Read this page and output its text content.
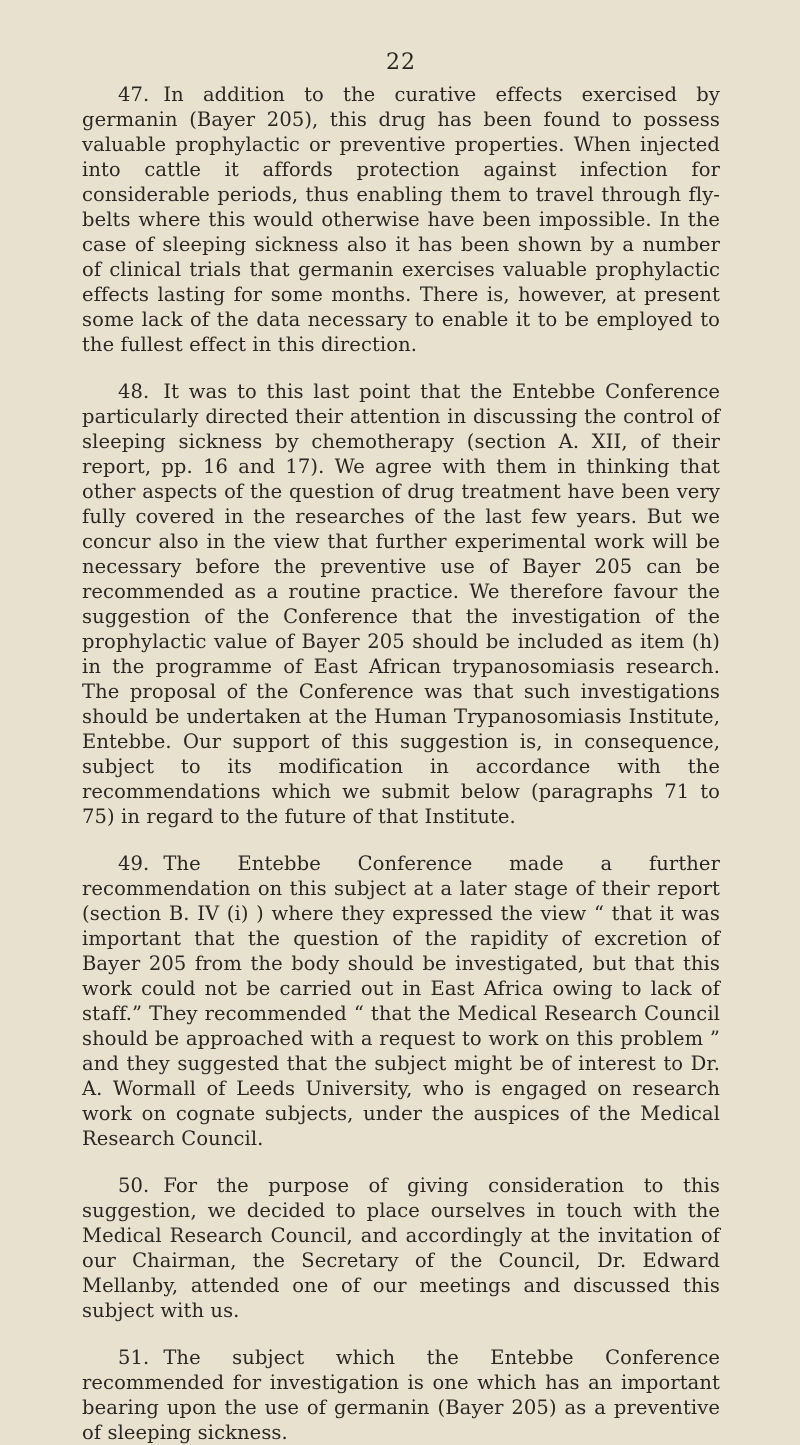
22

47. In addition to the curative effects exercised by germanin (Bayer 205), this drug has been found to possess valuable prophylactic or preventive properties. When injected into cattle it affords protection against infection for considerable periods, thus enabling them to travel through fly-belts where this would otherwise have been impossible. In the case of sleeping sickness also it has been shown by a number of clinical trials that germanin exercises valuable prophylactic effects lasting for some months. There is, however, at present some lack of the data necessary to enable it to be employed to the fullest effect in this direction.

48. It was to this last point that the Entebbe Conference particularly directed their attention in discussing the control of sleeping sickness by chemotherapy (section A. XII, of their report, pp. 16 and 17). We agree with them in thinking that other aspects of the question of drug treatment have been very fully covered in the researches of the last few years. But we concur also in the view that further experimental work will be necessary before the preventive use of Bayer 205 can be recommended as a routine practice. We therefore favour the suggestion of the Conference that the investigation of the prophylactic value of Bayer 205 should be included as item (h) in the programme of East African trypanosomiasis research. The proposal of the Conference was that such investigations should be undertaken at the Human Trypanosomiasis Institute, Entebbe. Our support of this suggestion is, in consequence, subject to its modification in accordance with the recommendations which we submit below (paragraphs 71 to 75) in regard to the future of that Institute.

49. The Entebbe Conference made a further recommendation on this subject at a later stage of their report (section B. IV (i) ) where they expressed the view “ that it was important that the question of the rapidity of excretion of Bayer 205 from the body should be investigated, but that this work could not be carried out in East Africa owing to lack of staff.” They recommended “ that the Medical Research Council should be approached with a request to work on this problem ” and they suggested that the subject might be of interest to Dr. A. Wormall of Leeds University, who is engaged on research work on cognate subjects, under the auspices of the Medical Research Council.

50. For the purpose of giving consideration to this suggestion, we decided to place ourselves in touch with the Medical Research Council, and accordingly at the invitation of our Chairman, the Secretary of the Council, Dr. Edward Mellanby, attended one of our meetings and discussed this subject with us.

51. The subject which the Entebbe Conference recommended for investigation is one which has an important bearing upon the use of germanin (Bayer 205) as a preventive of sleeping sickness.
